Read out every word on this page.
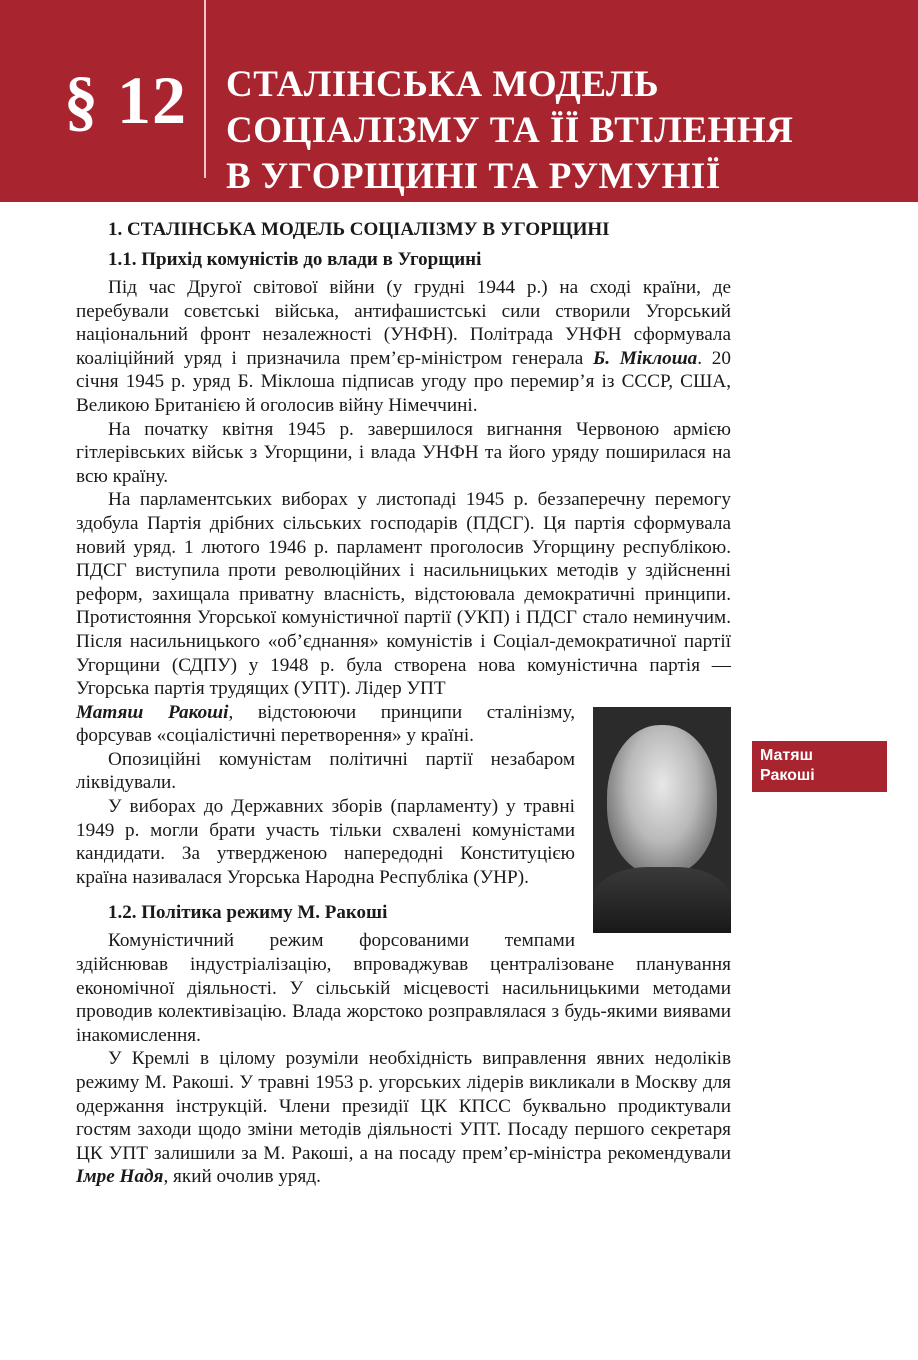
§ 12 СТАЛІНСЬКА МОДЕЛЬ
СОЦІАЛІЗМУ ТА ЇЇ ВТІЛЕННЯ
В УГОРЩИНІ ТА РУМУНІЇ
1. СТАЛІНСЬКА МОДЕЛЬ СОЦІАЛІЗМУ В УГОРЩИНІ
1.1. Прихід комуністів до влади в Угорщині

Під час Другої світової війни (у грудні 1944 р.) на сході країни, де перебували совєтські війська, антифашистські сили створили Угорський національний фронт незалежності (УНФН). Політрада УНФН сформувала коаліційний уряд і призначила прем’єр-міністром генерала Б. Міклоша. 20 січня 1945 р. уряд Б. Міклоша підписав угоду про перемир’я із СССР, США, Великою Британією й оголосив війну Німеччині.

На початку квітня 1945 р. завершилося вигнання Червоною армією гітлерівських військ з Угорщини, і влада УНФН та його уряду поширилася на всю країну.

На парламентських виборах у листопаді 1945 р. беззаперечну перемогу здобула Партія дрібних сільських господарів (ПДСГ). Ця партія сформувала новий уряд. 1 лютого 1946 р. парламент проголосив Угорщину республікою. ПДСГ виступила проти революційних і насильницьких методів у здійсненні реформ, захищала приватну власність, відстоювала демократичні принципи. Протистояння Угорської комуністичної партії (УКП) і ПДСГ стало неминучим. Після насильницького «об’єднання» комуністів і Соціал-демократичної партії Угорщини (СДПУ) у 1948 р. була створена нова комуністична партія — Угорська партія трудящих (УПТ). Лідер УПТ

Матяш Ракоші, відстоюючи принципи сталінізму, форсував «соціалістичні перетворення» у країні.

Опозиційні комуністам політичні партії незабаром ліквідували.

У виборах до Державних зборів (парламенту) у травні 1949 р. могли брати участь тільки схвалені комуністами кандидати. За утвердженою напередодні Конституцією країна називалася Угорська Народна Республіка (УНР).

1.2. Політика режиму М. Ракоші

Комуністичний режим форсованими темпами здійснював індустріалізацію, впроваджував централізоване планування економічної діяльності. У сільській місцевості насильницькими методами проводив колективізацію. Влада жорстоко розправлялася з будь-якими виявами інакомислення.

У Кремлі в цілому розуміли необхідність виправлення явних недоліків режиму М. Ракоші. У травні 1953 р. угорських лідерів викликали в Москву для одержання інструкцій. Члени президії ЦК КПСС буквально продиктували гостям заходи щодо зміни методів діяльності УПТ. Посаду першого секретаря ЦК УПТ залишили за М. Ракоші, а на посаду прем’єр-міністра рекомендували Імре Надя, який очолив уряд.

Матяш
Ракоші
